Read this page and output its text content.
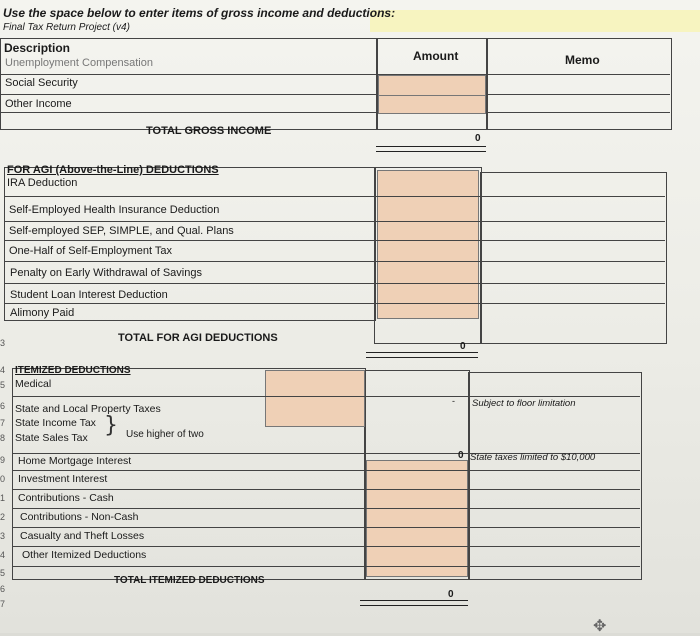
Use the space below to enter items of gross income and deductions:
Final Tax Return Project (v4)
Description
Amount	Memo
Unemployment Compensation
Social Security
Other Income
TOTAL GROSS INCOME
0
FOR AGI (Above-the-Line) DEDUCTIONS
IRA Deduction
Self-Employed Health Insurance Deduction
Self-employed SEP, SIMPLE, and Qual. Plans
One-Half of Self-Employment Tax
Penalty on Early Withdrawal of Savings
Student Loan Interest Deduction
Alimony Paid
TOTAL FOR AGI DEDUCTIONS
0
3
4
5
6
7
8
9
0
1
2
3
4
5
6
7
ITEMIZED DEDUCTIONS
Medical
State and Local Property Taxes
State Income Tax
State Sales Tax } Use higher of two
Home Mortgage Interest
Investment Interest
Contributions - Cash
Contributions - Non-Cash
Casualty and Theft Losses
Other Itemized Deductions
- Subject to floor limitation
0 State taxes limited to $10,000
TOTAL ITEMIZED DEDUCTIONS
0
✥
